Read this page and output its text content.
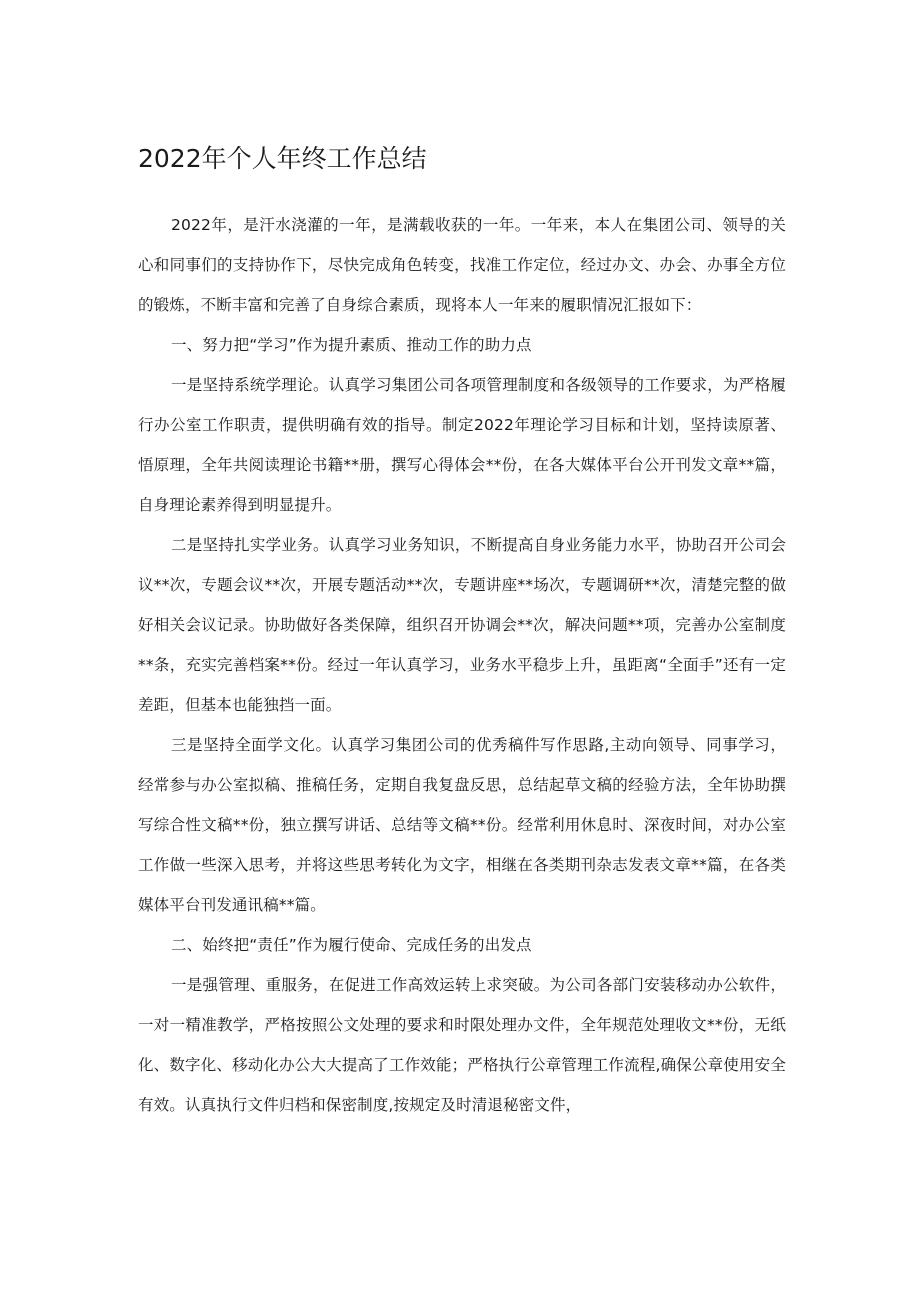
2022年个人年终工作总结

2022年，是汗水浇灌的一年，是满载收获的一年。一年来，本人在集团公司、领导的关心和同事们的支持协作下，尽快完成角色转变，找准工作定位，经过办文、办会、办事全方位的锻炼，不断丰富和完善了自身综合素质，现将本人一年来的履职情况汇报如下：

一、努力把“学习”作为提升素质、推动工作的助力点

一是坚持系统学理论。认真学习集团公司各项管理制度和各级领导的工作要求，为严格履行办公室工作职责，提供明确有效的指导。制定2022年理论学习目标和计划，坚持读原著、悟原理，全年共阅读理论书籍**册，撰写心得体会**份，在各大媒体平台公开刊发文章**篇，自身理论素养得到明显提升。

二是坚持扎实学业务。认真学习业务知识，不断提高自身业务能力水平，协助召开公司会议**次，专题会议**次，开展专题活动**次，专题讲座**场次，专题调研**次，清楚完整的做好相关会议记录。协助做好各类保障，组织召开协调会**次，解决问题**项，完善办公室制度**条，充实完善档案**份。经过一年认真学习，业务水平稳步上升，虽距离“全面手”还有一定差距，但基本也能独挡一面。

三是坚持全面学文化。认真学习集团公司的优秀稿件写作思路,主动向领导、同事学习，经常参与办公室拟稿、推稿任务，定期自我复盘反思，总结起草文稿的经验方法，全年协助撰写综合性文稿**份，独立撰写讲话、总结等文稿**份。经常利用休息时、深夜时间，对办公室工作做一些深入思考，并将这些思考转化为文字，相继在各类期刊杂志发表文章**篇，在各类媒体平台刊发通讯稿**篇。

二、始终把“责任”作为履行使命、完成任务的出发点

一是强管理、重服务，在促进工作高效运转上求突破。为公司各部门安装移动办公软件，一对一精准教学，严格按照公文处理的要求和时限处理办文件，全年规范处理收文**份，无纸化、数字化、移动化办公大大提高了工作效能；严格执行公章管理工作流程,确保公章使用安全有效。认真执行文件归档和保密制度,按规定及时清退秘密文件，
